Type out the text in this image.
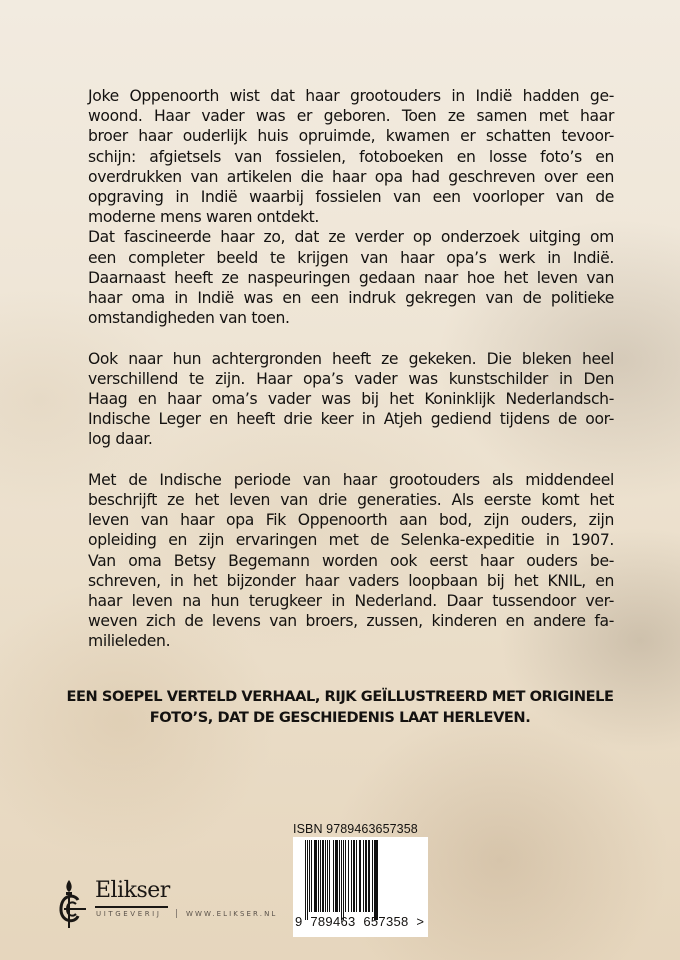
Joke Oppenoorth wist dat haar grootouders in Indië hadden ge-
woond. Haar vader was er geboren. Toen ze samen met haar
broer haar ouderlijk huis opruimde, kwamen er schatten tevoor-
schijn: afgietsels van fossielen, fotoboeken en losse foto’s en
overdrukken van artikelen die haar opa had geschreven over een
opgraving in Indië waarbij fossielen van een voorloper van de
moderne mens waren ontdekt.

Dat fascineerde haar zo, dat ze verder op onderzoek uitging om
een completer beeld te krijgen van haar opa’s werk in Indië.
Daarnaast heeft ze naspeuringen gedaan naar hoe het leven van
haar oma in Indië was en een indruk gekregen van de politieke
omstandigheden van toen.

Ook naar hun achtergronden heeft ze gekeken. Die bleken heel
verschillend te zijn. Haar opa’s vader was kunstschilder in Den
Haag en haar oma’s vader was bij het Koninklijk Nederlandsch-
Indische Leger en heeft drie keer in Atjeh gediend tijdens de oor-
log daar.

Met de Indische periode van haar grootouders als middendeel
beschrijft ze het leven van drie generaties. Als eerste komt het
leven van haar opa Fik Oppenoorth aan bod, zijn ouders, zijn
opleiding en zijn ervaringen met de Selenka-expeditie in 1907.
Van oma Betsy Begemann worden ook eerst haar ouders be-
schreven, in het bijzonder haar vaders loopbaan bij het KNIL, en
haar leven na hun terugkeer in Nederland. Daar tussendoor ver-
weven zich de levens van broers, zussen, kinderen en andere fa-
milieleden.

EEN SOEPEL VERTELD VERHAAL, RIJK GEÏLLUSTREERD MET ORIGINELE
FOTO’S, DAT DE GESCHIEDENIS LAAT HERLEVEN.
ISBN 9789463657358
9  789463  657358  >
Elikser
UITGEVERIJ	WWW.ELIKSER.NL
